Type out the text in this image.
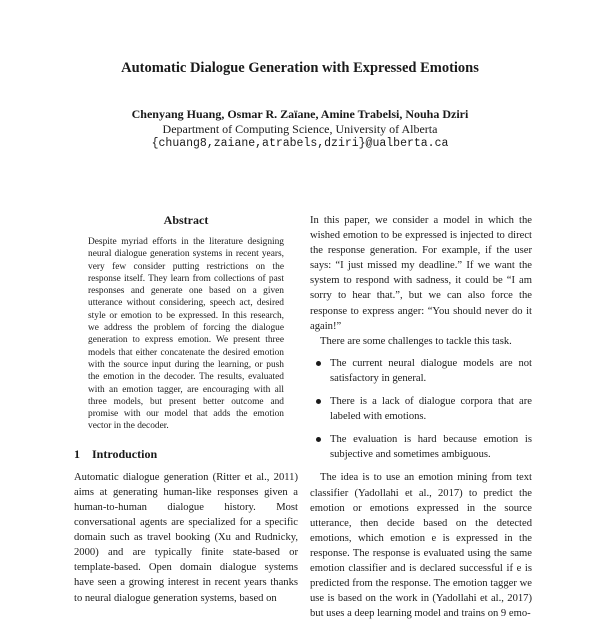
Automatic Dialogue Generation with Expressed Emotions
Chenyang Huang, Osmar R. Zaïane, Amine Trabelsi, Nouha Dziri
Department of Computing Science, University of Alberta
{chuang8,zaiane,atrabels,dziri}@ualberta.ca
Abstract

Despite myriad efforts in the literature designing neural dialogue generation systems in recent years, very few consider putting restrictions on the response itself. They learn from collections of past responses and generate one based on a given utterance without considering, speech act, desired style or emotion to be expressed. In this research, we address the problem of forcing the dialogue generation to express emotion. We present three models that either concatenate the desired emotion with the source input during the learning, or push the emotion in the decoder. The results, evaluated with an emotion tagger, are encouraging with all three models, but present better outcome and promise with our model that adds the emotion vector in the decoder.

1 Introduction

Automatic dialogue generation (Ritter et al., 2011) aims at generating human-like responses given a human-to-human dialogue history. Most conversational agents are specialized for a specific domain such as travel booking (Xu and Rudnicky, 2000) and are typically finite state-based or template-based. Open domain dialogue systems have seen a growing interest in recent years thanks to neural dialogue generation systems, based on

In this paper, we consider a model in which the wished emotion to be expressed is injected to direct the response generation. For example, if the user says: “I just missed my deadline.” If we want the system to respond with sadness, it could be “I am sorry to hear that.”, but we can also force the response to express anger: “You should never do it again!”

There are some challenges to tackle this task.

The current neural dialogue models are not satisfactory in general.
There is a lack of dialogue corpora that are labeled with emotions.
The evaluation is hard because emotion is subjective and sometimes ambiguous.

The idea is to use an emotion mining from text classifier (Yadollahi et al., 2017) to predict the emotion or emotions expressed in the source utterance, then decide based on the detected emotions, which emotion e is expressed in the response. The response is evaluated using the same emotion classifier and is declared successful if e is predicted from the response. The emotion tagger we use is based on the work in (Yadollahi et al., 2017) but uses a deep learning model and trains on 9 emo-
